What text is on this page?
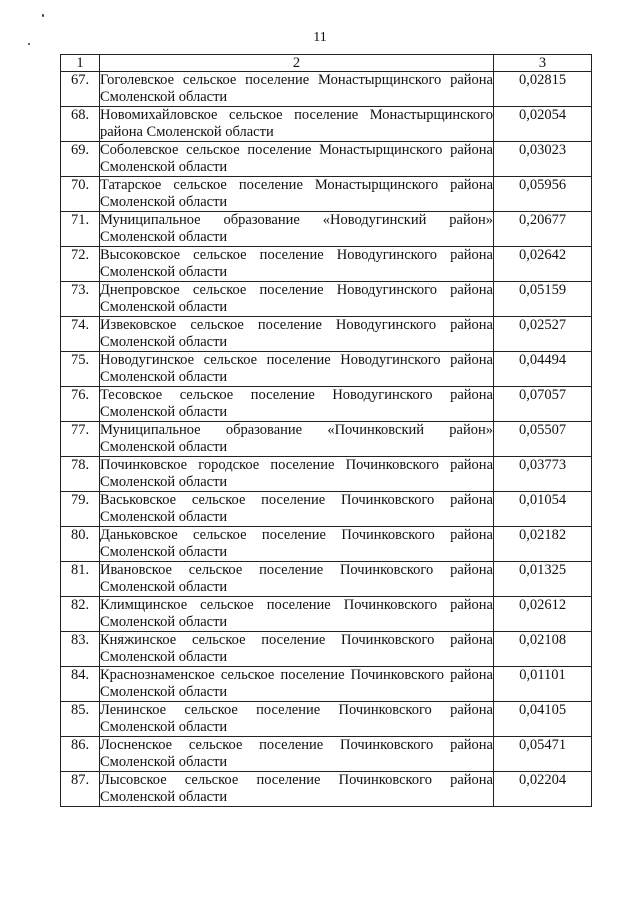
11
1	2	3
67.	Гоголевское сельское поселение Монастырщинского района Смоленской области	0,02815
68.	Новомихайловское сельское поселение Монастырщинского района Смоленской области	0,02054
69.	Соболевское сельское поселение Монастырщинского района Смоленской области	0,03023
70.	Татарское сельское поселение Монастырщинского района Смоленской области	0,05956
71.	Муниципальное образование «Новодугинский район» Смоленской области	0,20677
72.	Высоковское сельское поселение Новодугинского района Смоленской области	0,02642
73.	Днепровское сельское поселение Новодугинского района Смоленской области	0,05159
74.	Извековское сельское поселение Новодугинского района Смоленской области	0,02527
75.	Новодугинское сельское поселение Новодугинского района Смоленской области	0,04494
76.	Тесовское сельское поселение Новодугинского района Смоленской области	0,07057
77.	Муниципальное образование «Починковский район» Смоленской области	0,05507
78.	Починковское городское поселение Починковского района Смоленской области	0,03773
79.	Васьковское сельское поселение Починковского района Смоленской области	0,01054
80.	Даньковское сельское поселение Починковского района Смоленской области	0,02182
81.	Ивановское сельское поселение Починковского района Смоленской области	0,01325
82.	Климщинское сельское поселение Починковского района Смоленской области	0,02612
83.	Княжинское сельское поселение Починковского района Смоленской области	0,02108
84.	Краснознаменское сельское поселение Починковского района Смоленской области	0,01101
85.	Ленинское сельское поселение Починковского района Смоленской области	0,04105
86.	Лосненское сельское поселение Починковского района Смоленской области	0,05471
87.	Лысовское сельское поселение Починковского района Смоленской области	0,02204
